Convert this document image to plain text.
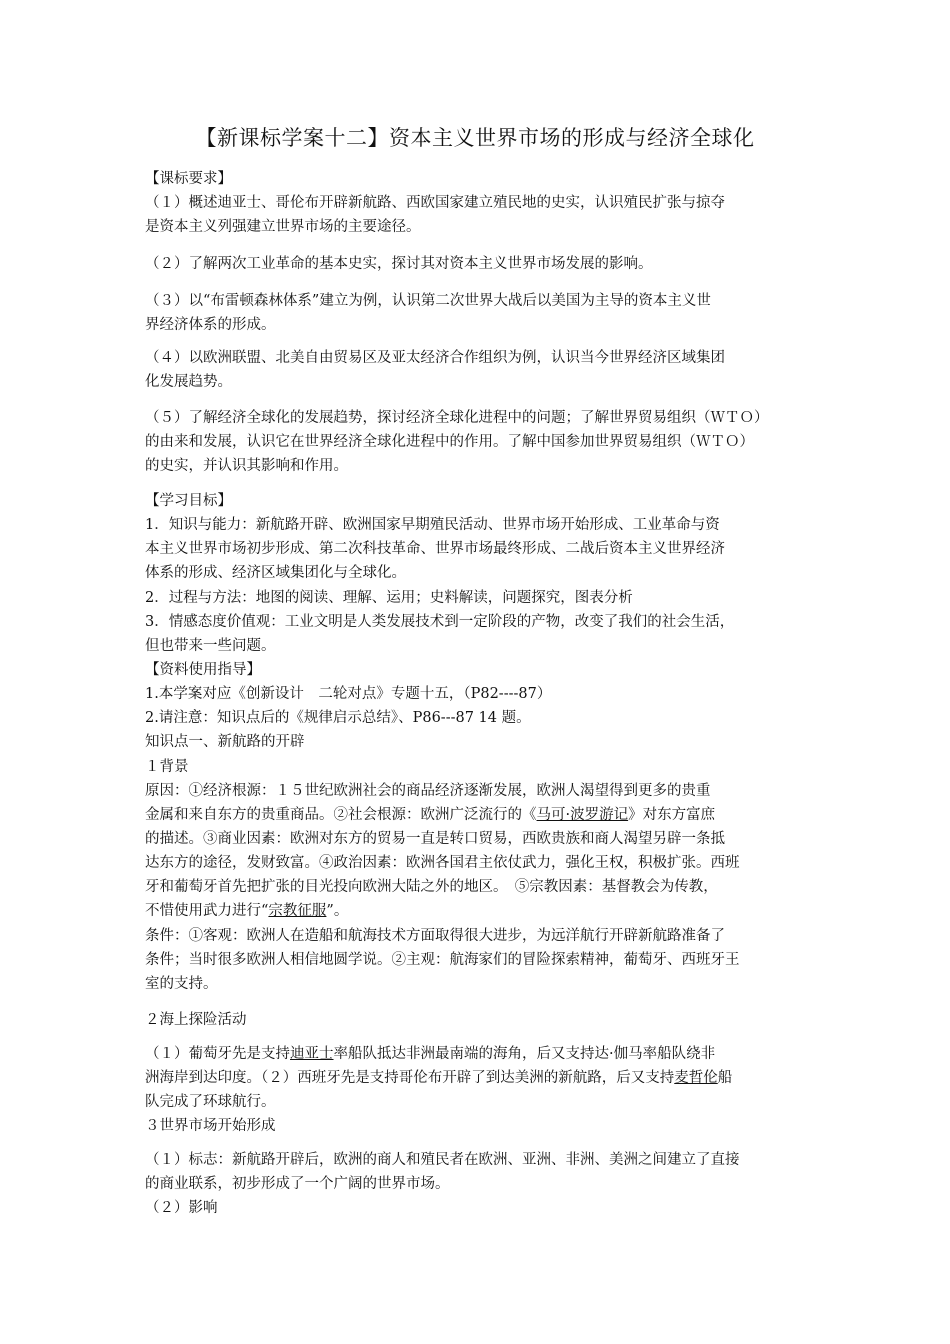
【新课标学案十二】资本主义世界市场的形成与经济全球化
【课标要求】
（１）概述迪亚士、哥伦布开辟新航路、西欧国家建立殖民地的史实，认识殖民扩张与掠夺
是资本主义列强建立世界市场的主要途径。
（２）了解两次工业革命的基本史实，探讨其对资本主义世界市场发展的影响。
（３）以“布雷顿森林体系”建立为例，认识第二次世界大战后以美国为主导的资本主义世
界经济体系的形成。
（４）以欧洲联盟、北美自由贸易区及亚太经济合作组织为例，认识当今世界经济区域集团
化发展趋势。
（５）了解经济全球化的发展趋势，探讨经济全球化进程中的问题；了解世界贸易组织（ＷＴＯ）
的由来和发展，认识它在世界经济全球化进程中的作用。了解中国参加世界贸易组织（ＷＴＯ）
的史实，并认识其影响和作用。
【学习目标】
1．知识与能力：新航路开辟、欧洲国家早期殖民活动、世界市场开始形成、工业革命与资
本主义世界市场初步形成、第二次科技革命、世界市场最终形成、二战后资本主义世界经济
体系的形成、经济区域集团化与全球化。
2．过程与方法：地图的阅读、理解、运用；史料解读，问题探究，图表分析
3．情感态度价值观：工业文明是人类发展技术到一定阶段的产物，改变了我们的社会生活，
但也带来一些问题。
【资料使用指导】
1.本学案对应《创新设计　二轮对点》专题十五，（P82----87）
2.请注意：知识点后的《规律启示总结》、P86---87 14 题。
知识点一、新航路的开辟
１背景
原因：①经济根源：１５世纪欧洲社会的商品经济逐渐发展，欧洲人渴望得到更多的贵重
金属和来自东方的贵重商品。②社会根源：欧洲广泛流行的《马可·波罗游记》对东方富庶
的描述。③商业因素：欧洲对东方的贸易一直是转口贸易，西欧贵族和商人渴望另辟一条抵
达东方的途径，发财致富。④政治因素：欧洲各国君主依仗武力，强化王权，积极扩张。西班
牙和葡萄牙首先把扩张的目光投向欧洲大陆之外的地区。　⑤宗教因素：基督教会为传教，
不惜使用武力进行“宗教征服”。
条件：①客观：欧洲人在造船和航海技术方面取得很大进步，为远洋航行开辟新航路准备了
条件；当时很多欧洲人相信地圆学说。②主观：航海家们的冒险探索精神，葡萄牙、西班牙王
室的支持。
２海上探险活动
（１）葡萄牙先是支持迪亚士率船队抵达非洲最南端的海角，后又支持达·伽马率船队绕非
洲海岸到达印度。（２）西班牙先是支持哥伦布开辟了到达美洲的新航路，后又支持麦哲伦船　　
队完成了环球航行。
３世界市场开始形成
（１）标志：新航路开辟后，欧洲的商人和殖民者在欧洲、亚洲、非洲、美洲之间建立了直接
的商业联系，初步形成了一个广阔的世界市场。
（２）影响
